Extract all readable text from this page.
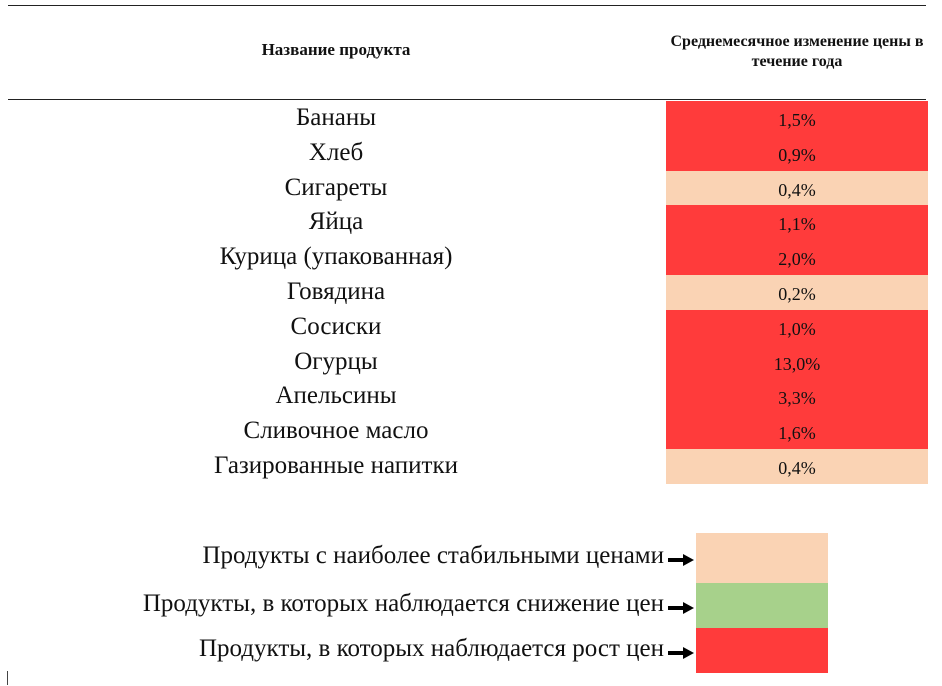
Название продукта	Среднемесячное изменение цены в течение года
Бананы	1,5%
Хлеб	0,9%
Сигареты	0,4%
Яйца	1,1%
Курица (упакованная)	2,0%
Говядина	0,2%
Сосиски	1,0%
Огурцы	13,0%
Апельсины	3,3%
Сливочное масло	1,6%
Газированные напитки	0,4%
Продукты с наиболее стабильными ценами
Продукты, в которых наблюдается снижение цен
Продукты, в которых наблюдается рост цен
